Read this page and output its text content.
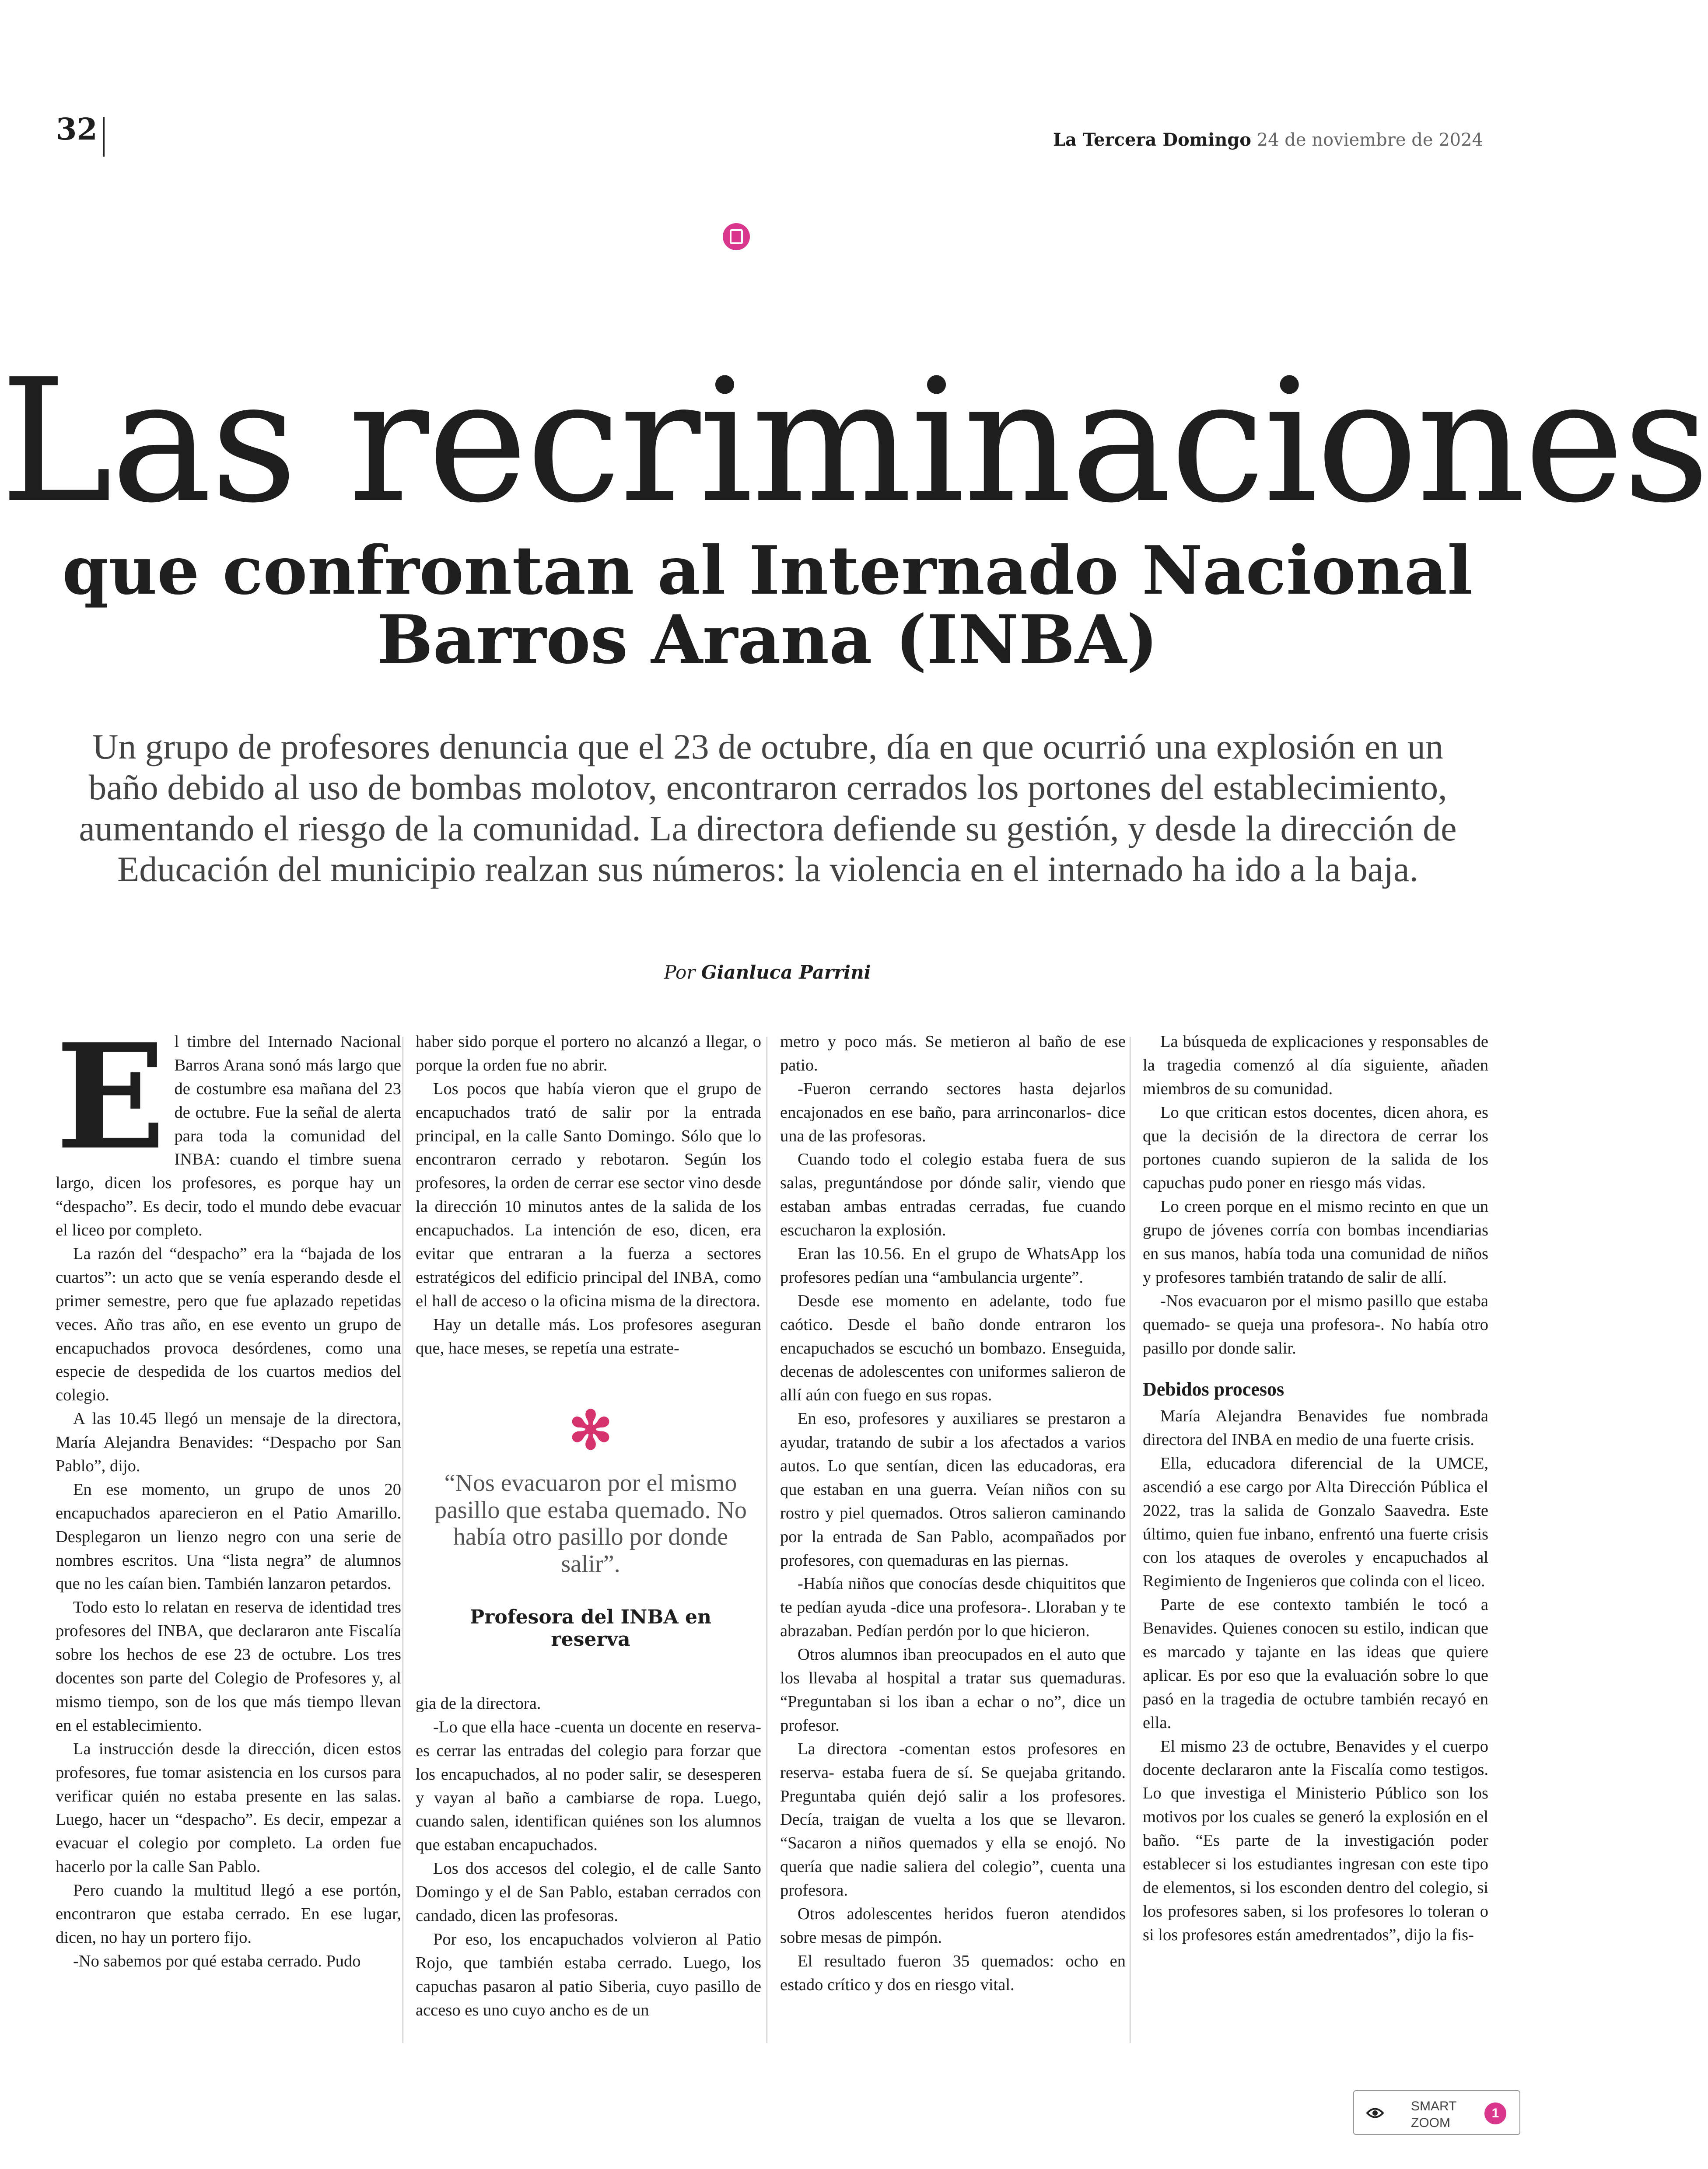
32	La Tercera Domingo 24 de noviembre de 2024
Las recriminaciones
que confrontan al Internado Nacional Barros Arana (INBA)
Un grupo de profesores denuncia que el 23 de octubre, día en que ocurrió una explosión en un baño debido al uso de bombas molotov, encontraron cerrados los portones del establecimiento, aumentando el riesgo de la comunidad. La directora defiende su gestión, y desde la dirección de Educación del municipio realzan sus números: la violencia en el internado ha ido a la baja.
Por Gianluca Parrini
E l timbre del Internado Nacional Barros Arana sonó más largo que de costumbre esa mañana del 23 de octubre. Fue la señal de alerta para toda la comunidad del INBA: cuando el timbre suena largo, dicen los profesores, es porque hay un “despacho”. Es decir, todo el mundo debe evacuar el liceo por completo.

La razón del “despacho” era la “bajada de los cuartos”: un acto que se venía esperando desde el primer semestre, pero que fue aplazado repetidas veces. Año tras año, en ese evento un grupo de encapuchados provoca desórdenes, como una especie de despedida de los cuartos medios del colegio.

A las 10.45 llegó un mensaje de la directora, María Alejandra Benavides: “Despacho por San Pablo”, dijo.

En ese momento, un grupo de unos 20 encapuchados aparecieron en el Patio Amarillo. Desplegaron un lienzo negro con una serie de nombres escritos. Una “lista negra” de alumnos que no les caían bien. También lanzaron petardos.

Todo esto lo relatan en reserva de identidad tres profesores del INBA, que declararon ante Fiscalía sobre los hechos de ese 23 de octubre. Los tres docentes son parte del Colegio de Profesores y, al mismo tiempo, son de los que más tiempo llevan en el establecimiento.

La instrucción desde la dirección, dicen estos profesores, fue tomar asistencia en los cursos para verificar quién no estaba presente en las salas. Luego, hacer un “despacho”. Es decir, empezar a evacuar el colegio por completo. La orden fue hacerlo por la calle San Pablo.

Pero cuando la multitud llegó a ese portón, encontraron que estaba cerrado. En ese lugar, dicen, no hay un portero fijo.

-No sabemos por qué estaba cerrado. Pudo

haber sido porque el portero no alcanzó a llegar, o porque la orden fue no abrir.

Los pocos que había vieron que el grupo de encapuchados trató de salir por la entrada principal, en la calle Santo Domingo. Sólo que lo encontraron cerrado y rebotaron. Según los profesores, la orden de cerrar ese sector vino desde la dirección 10 minutos antes de la salida de los encapuchados. La intención de eso, dicen, era evitar que entraran a la fuerza a sectores estratégicos del edificio principal del INBA, como el hall de acceso o la oficina misma de la directora.

Hay un detalle más. Los profesores aseguran que, hace meses, se repetía una estrate-

✻
“Nos evacuaron por el mismo pasillo que estaba quemado. No había otro pasillo por donde salir”.
Profesora del INBA en reserva

gia de la directora.

-Lo que ella hace -cuenta un docente en reserva- es cerrar las entradas del colegio para forzar que los encapuchados, al no poder salir, se desesperen y vayan al baño a cambiarse de ropa. Luego, cuando salen, identifican quiénes son los alumnos que estaban encapuchados.

Los dos accesos del colegio, el de calle Santo Domingo y el de San Pablo, estaban cerrados con candado, dicen las profesoras.

Por eso, los encapuchados volvieron al Patio Rojo, que también estaba cerrado. Luego, los capuchas pasaron al patio Siberia, cuyo pasillo de acceso es uno cuyo ancho es de un

metro y poco más. Se metieron al baño de ese patio.

-Fueron cerrando sectores hasta dejarlos encajonados en ese baño, para arrinconarlos- dice una de las profesoras.

Cuando todo el colegio estaba fuera de sus salas, preguntándose por dónde salir, viendo que estaban ambas entradas cerradas, fue cuando escucharon la explosión.

Eran las 10.56. En el grupo de WhatsApp los profesores pedían una “ambulancia urgente”.

Desde ese momento en adelante, todo fue caótico. Desde el baño donde entraron los encapuchados se escuchó un bombazo. Enseguida, decenas de adolescentes con uniformes salieron de allí aún con fuego en sus ropas.

En eso, profesores y auxiliares se prestaron a ayudar, tratando de subir a los afectados a varios autos. Lo que sentían, dicen las educadoras, era que estaban en una guerra. Veían niños con su rostro y piel quemados. Otros salieron caminando por la entrada de San Pablo, acompañados por profesores, con quemaduras en las piernas.

-Había niños que conocías desde chiquititos que te pedían ayuda -dice una profesora-. Lloraban y te abrazaban. Pedían perdón por lo que hicieron.

Otros alumnos iban preocupados en el auto que los llevaba al hospital a tratar sus quemaduras. “Preguntaban si los iban a echar o no”, dice un profesor.

La directora -comentan estos profesores en reserva- estaba fuera de sí. Se quejaba gritando. Preguntaba quién dejó salir a los profesores. Decía, traigan de vuelta a los que se llevaron. “Sacaron a niños quemados y ella se enojó. No quería que nadie saliera del colegio”, cuenta una profesora.

Otros adolescentes heridos fueron atendidos sobre mesas de pimpón.

El resultado fueron 35 quemados: ocho en estado crítico y dos en riesgo vital.

La búsqueda de explicaciones y responsables de la tragedia comenzó al día siguiente, añaden miembros de su comunidad.

Lo que critican estos docentes, dicen ahora, es que la decisión de la directora de cerrar los portones cuando supieron de la salida de los capuchas pudo poner en riesgo más vidas.

Lo creen porque en el mismo recinto en que un grupo de jóvenes corría con bombas incendiarias en sus manos, había toda una comunidad de niños y profesores también tratando de salir de allí.

-Nos evacuaron por el mismo pasillo que estaba quemado- se queja una profesora-. No había otro pasillo por donde salir.

Debidos procesos

María Alejandra Benavides fue nombrada directora del INBA en medio de una fuerte crisis.

Ella, educadora diferencial de la UMCE, ascendió a ese cargo por Alta Dirección Pública el 2022, tras la salida de Gonzalo Saavedra. Este último, quien fue inbano, enfrentó una fuerte crisis con los ataques de overoles y encapuchados al Regimiento de Ingenieros que colinda con el liceo.

Parte de ese contexto también le tocó a Benavides. Quienes conocen su estilo, indican que es marcado y tajante en las ideas que quiere aplicar. Es por eso que la evaluación sobre lo que pasó en la tragedia de octubre también recayó en ella.

El mismo 23 de octubre, Benavides y el cuerpo docente declararon ante la Fiscalía como testigos. Lo que investiga el Ministerio Público son los motivos por los cuales se generó la explosión en el baño. “Es parte de la investigación poder establecer si los estudiantes ingresan con este tipo de elementos, si los esconden dentro del colegio, si los profesores saben, si los profesores lo toleran o si los profesores están amedrentados”, dijo la fis-

SMART ZOOM
1
